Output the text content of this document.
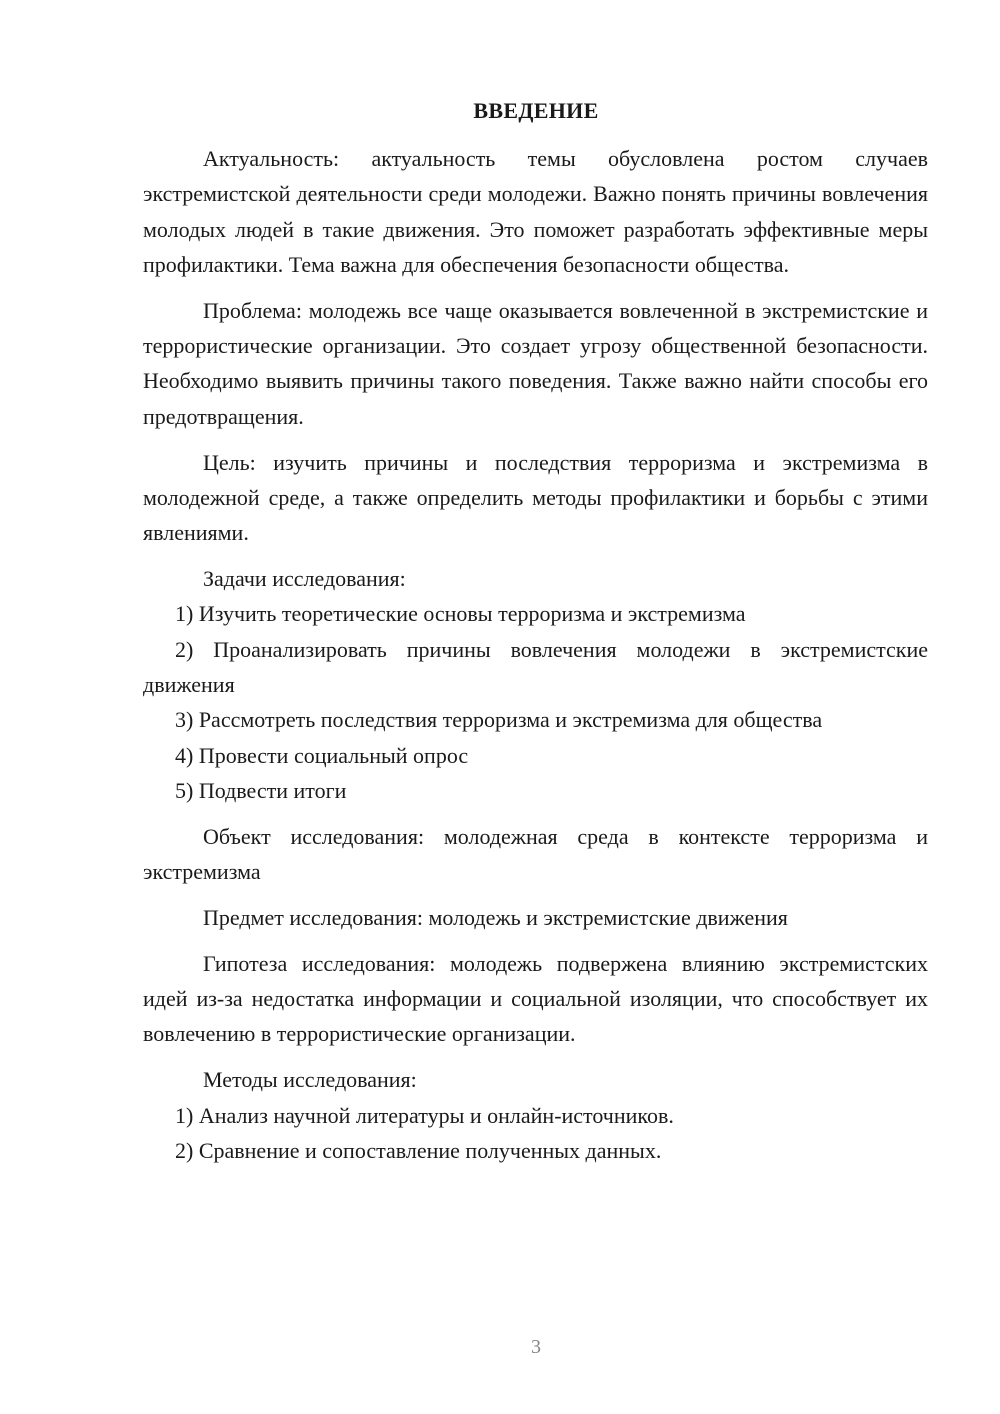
ВВЕДЕНИЕ

Актуальность: актуальность темы обусловлена ростом случаев экстремистской деятельности среди молодежи. Важно понять причины вовлечения молодых людей в такие движения. Это поможет разработать эффективные меры профилактики. Тема важна для обеспечения безопасности общества.

Проблема: молодежь все чаще оказывается вовлеченной в экстремистские и террористические организации. Это создает угрозу общественной безопасности. Необходимо выявить причины такого поведения. Также важно найти способы его предотвращения.

Цель: изучить причины и последствия терроризма и экстремизма в молодежной среде, а также определить методы профилактики и борьбы с этими явлениями.

Задачи исследования:

1) Изучить теоретические основы терроризма и экстремизма

2) Проанализировать причины вовлечения молодежи в экстремистские движения

3) Рассмотреть последствия терроризма и экстремизма для общества

4) Провести социальный опрос

5) Подвести итоги

Объект исследования: молодежная среда в контексте терроризма и экстремизма

Предмет исследования: молодежь и экстремистские движения

Гипотеза исследования: молодежь подвержена влиянию экстремистских идей из-за недостатка информации и социальной изоляции, что способствует их вовлечению в террористические организации.

Методы исследования:

1) Анализ научной литературы и онлайн-источников.

2) Сравнение и сопоставление полученных данных.

3
